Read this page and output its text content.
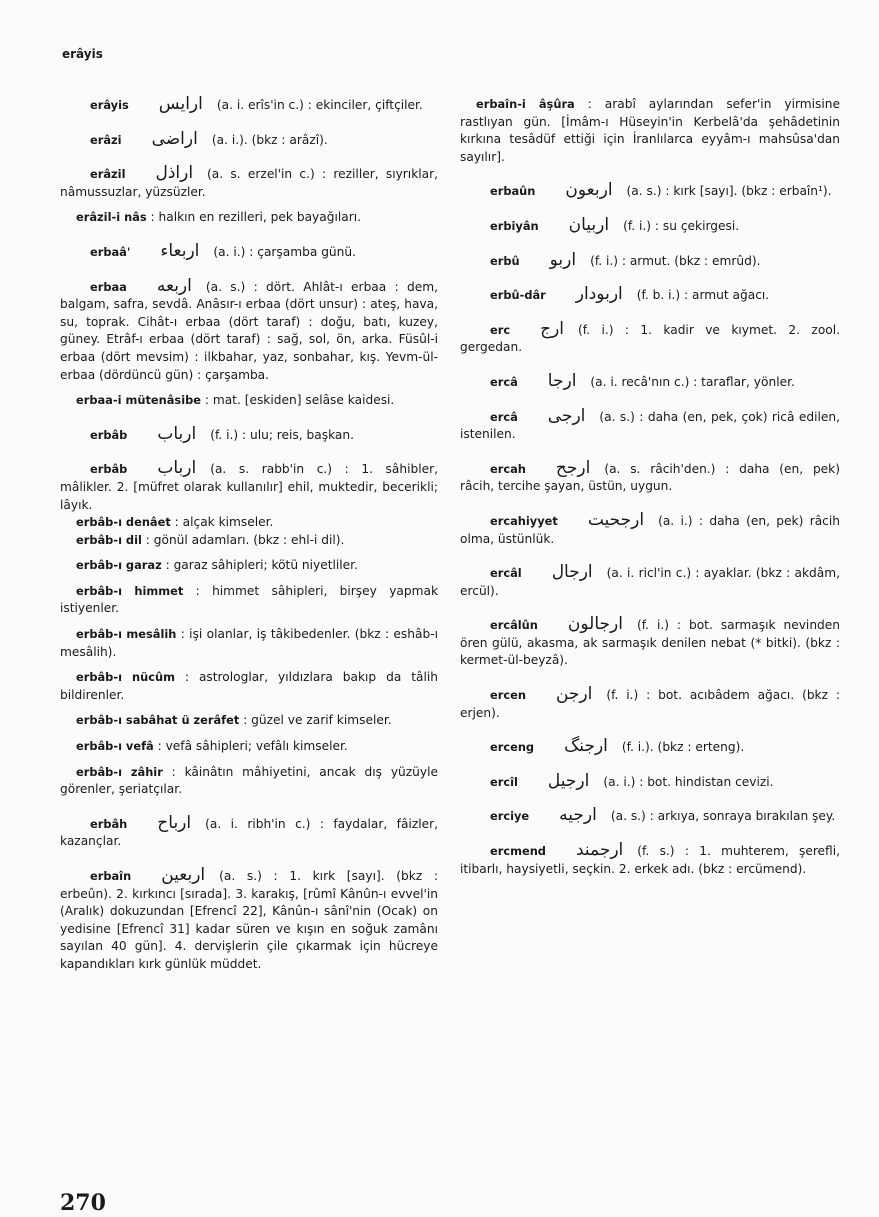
erâyis
erâyis ارايس (a. i. erîs'in c.) : ekinciler, çiftçiler.
erâzi اراضى (a. i.). (bkz : arâzî).
erâzil اراذل (a. s. erzel'in c.) : reziller, sıyrıklar, nâmussuzlar, yüzsüzler.
erâzil-i nâs : halkın en rezilleri, pek bayağıları.
erbaâ' اربعاء (a. i.) : çarşamba günü.
erbaa اربعه (a. s.) : dört. Ahlât-ı erbaa : dem, balgam, safra, sevdâ. Anâsır-ı erbaa (dört unsur) : ateş, hava, su, toprak. Cihât-ı erbaa (dört taraf) : doğu, batı, kuzey, güney. Etrâf-ı erbaa (dört taraf) : sağ, sol, ön, arka. Füsûl-i erbaa (dört mevsim) : ilkbahar, yaz, sonbahar, kış. Yevm-ül-erbaa (dördüncü gün) : çarşamba.
erbaa-i mütenâsibe : mat. [eskiden] selâse kaidesi.
erbâb ارباب (f. i.) : ulu; reis, başkan.
erbâb ارباب (a. s. rabb'in c.) : 1. sâhibler, mâlikler. 2. [müfret olarak kullanılır] ehil, muktedir, becerikli; lâyık.
erbâb-ı denâet : alçak kimseler.
erbâb-ı dil : gönül adamları. (bkz : ehl-i dil).
erbâb-ı garaz : garaz sâhipleri; kötü niyetliler.
erbâb-ı himmet : himmet sâhipleri, birşey yapmak istiyenler.
erbâb-ı mesâlih : işi olanlar, iş tâkibedenler. (bkz : eshâb-ı mesâlih).
erbâb-ı nücûm : astrologlar, yıldızlara bakıp da tâlih bildirenler.
erbâb-ı sabâhat ü zerâfet : güzel ve zarif kimseler.
erbâb-ı vefâ : vefâ sâhipleri; vefâlı kimseler.
erbâb-ı zâhir : kâinâtın mâhiyetini, ancak dış yüzüyle görenler, şeriatçılar.
erbâh ارباح (a. i. ribh'in c.) : faydalar, fâizler, kazançlar.
erbaîn اربعين (a. s.) : 1. kırk [sayı]. (bkz : erbeûn). 2. kırkıncı [sırada]. 3. karakış, [rûmî Kânûn-ı evvel'in (Aralık) dokuzundan [Efrencî 22], Kânûn-ı sânî'nin (Ocak) on yedisine [Efrencî 31] kadar süren ve kışın en soğuk zamânı sayılan 40 gün]. 4. dervişlerin çile çıkarmak için hücreye kapandıkları kırk günlük müddet.
erbaîn-i âşûra : arabî aylarından sefer'in yirmisine rastlıyan gün. [İmâm-ı Hüseyin'in Kerbelâ'da şehâdetinin kırkına tesâdüf ettiği için İranlılarca eyyâm-ı mahsûsa'dan sayılır].
erbaûn اربعون (a. s.) : kırk [sayı]. (bkz : erbaîn¹).
erbiyân اربيان (f. i.) : su çekirgesi.
erbû اربو (f. i.) : armut. (bkz : emrûd).
erbû-dâr اربودار (f. b. i.) : armut ağacı.
erc ارج (f. i.) : 1. kadir ve kıymet. 2. zool. gergedan.
ercâ ارجا (a. i. recâ'nın c.) : taraflar, yönler.
ercâ ارجى (a. s.) : daha (en, pek, çok) ricâ edilen, istenilen.
ercah ارجح (a. s. râcih'den.) : daha (en, pek) râcih, tercihe şayan, üstün, uygun.
ercahiyyet ارجحيت (a. i.) : daha (en, pek) râcih olma, üstünlük.
ercâl ارجال (a. i. ricl'in c.) : ayaklar. (bkz : akdâm, ercül).
ercâlûn ارجالون (f. i.) : bot. sarmaşık nevinden ören gülü, akasma, ak sarmaşık denilen nebat (* bitki). (bkz : kermet-ül-beyzâ).
ercen ارجن (f. i.) : bot. acıbâdem ağacı. (bkz : erjen).
erceng ارجنگ (f. i.). (bkz : erteng).
ercîl ارجيل (a. i.) : bot. hindistan cevizi.
erciye ارجيه (a. s.) : arkıya, sonraya bırakılan şey.
ercmend ارجمند (f. s.) : 1. muhterem, şerefli, itibarlı, haysiyetli, seçkin. 2. erkek adı. (bkz : ercümend).
270
